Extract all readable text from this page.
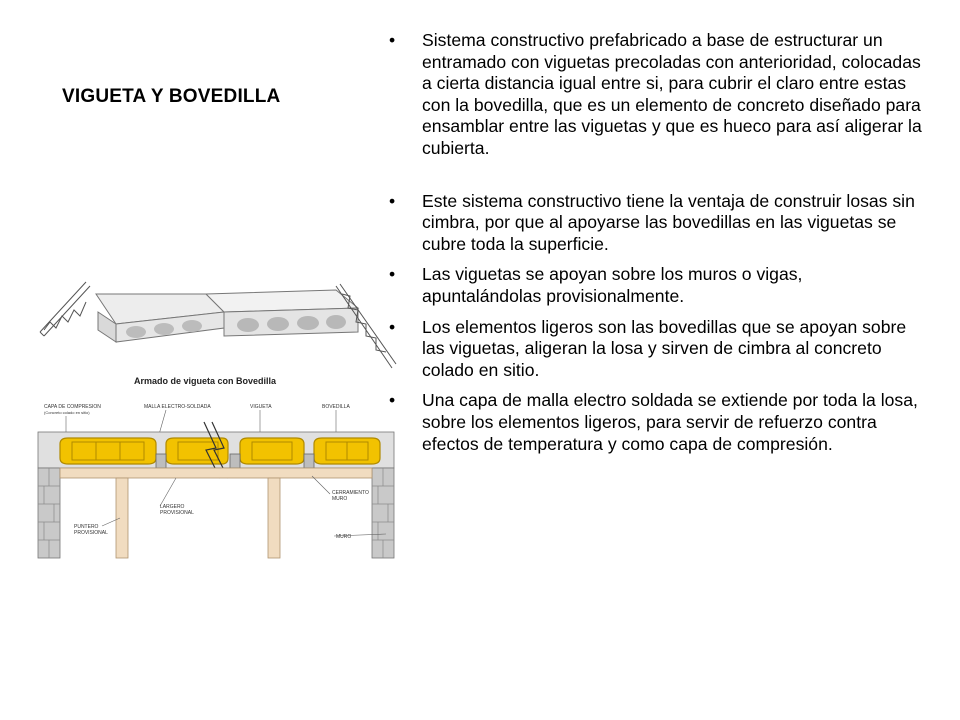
VIGUETA Y BOVEDILLA
• Sistema constructivo prefabricado a base de estructurar un entramado con viguetas precoladas con anterioridad, colocadas a cierta distancia igual entre si, para cubrir el claro entre estas con la bovedilla, que es un elemento de concreto diseñado para ensamblar entre las viguetas y que es hueco para así aligerar la cubierta.
• Este sistema constructivo tiene la ventaja de construir losas sin cimbra, por que al apoyarse las bovedillas en las viguetas se cubre toda la superficie.
• Las viguetas se apoyan sobre los muros o vigas, apuntalándolas provisionalmente.
• Los elementos ligeros son las bovedillas que se apoyan sobre las viguetas, aligeran la losa y sirven de cimbra al concreto colado en sitio.
• Una capa de malla electro soldada se extiende por toda la losa, sobre los elementos ligeros, para servir de refuerzo contra efectos de temperatura y como capa de compresión.
Armado de vigueta con Bovedilla
CAPA DE COMPRESION
(Concreto colado en sitio)
MALLA ELECTRO-SOLDADA	VIGUETA	BOVEDILLA
CERRAMIENTO
MURO
MURO
LARGERO
PROVISIONAL
PUNTERO
PROVISIONAL
